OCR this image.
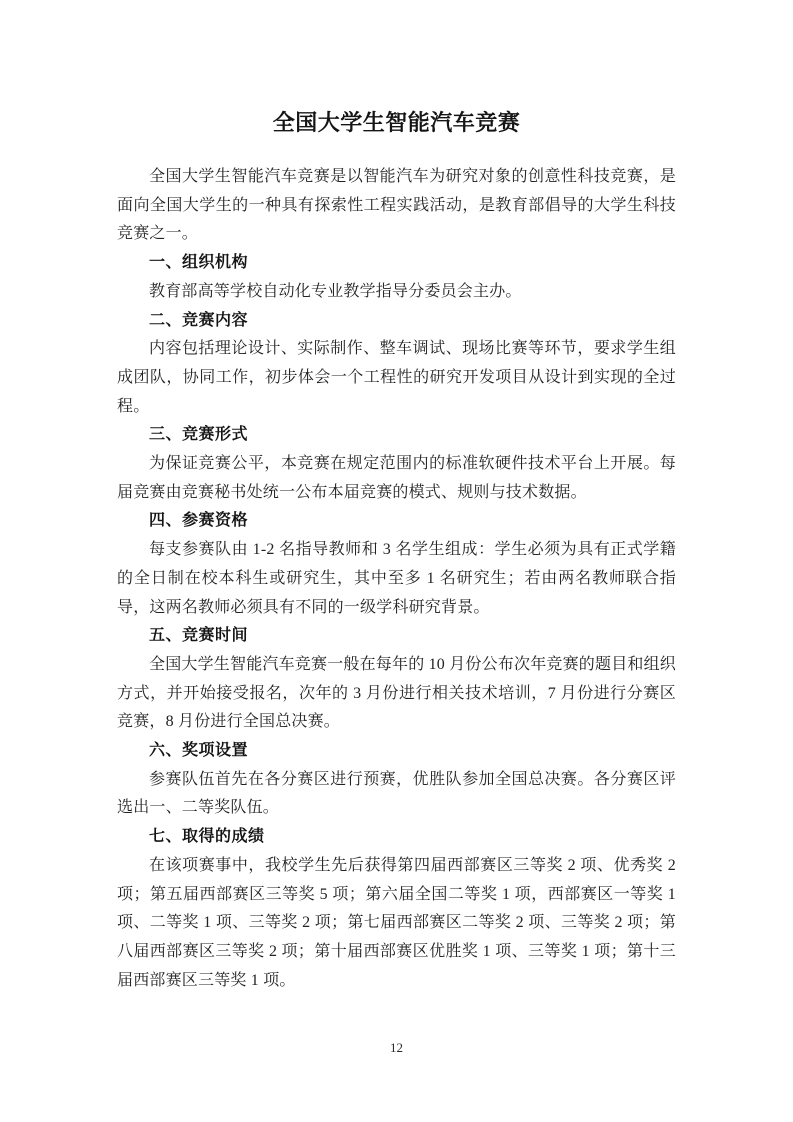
全国大学生智能汽车竞赛

全国大学生智能汽车竞赛是以智能汽车为研究对象的创意性科技竞赛，是面向全国大学生的一种具有探索性工程实践活动，是教育部倡导的大学生科技竞赛之一。

一、组织机构

教育部高等学校自动化专业教学指导分委员会主办。

二、竞赛内容

内容包括理论设计、实际制作、整车调试、现场比赛等环节，要求学生组成团队，协同工作，初步体会一个工程性的研究开发项目从设计到实现的全过程。

三、竞赛形式

为保证竞赛公平，本竞赛在规定范围内的标准软硬件技术平台上开展。每届竞赛由竞赛秘书处统一公布本届竞赛的模式、规则与技术数据。

四、参赛资格

每支参赛队由 1-2 名指导教师和 3 名学生组成：学生必须为具有正式学籍的全日制在校本科生或研究生，其中至多 1 名研究生；若由两名教师联合指导，这两名教师必须具有不同的一级学科研究背景。

五、竞赛时间

全国大学生智能汽车竞赛一般在每年的 10 月份公布次年竞赛的题目和组织方式，并开始接受报名，次年的 3 月份进行相关技术培训，7 月份进行分赛区竞赛，8 月份进行全国总决赛。

六、奖项设置

参赛队伍首先在各分赛区进行预赛，优胜队参加全国总决赛。各分赛区评选出一、二等奖队伍。

七、取得的成绩

在该项赛事中，我校学生先后获得第四届西部赛区三等奖 2 项、优秀奖 2 项；第五届西部赛区三等奖 5 项；第六届全国二等奖 1 项，西部赛区一等奖 1 项、二等奖 1 项、三等奖 2 项；第七届西部赛区二等奖 2 项、三等奖 2 项；第八届西部赛区三等奖 2 项；第十届西部赛区优胜奖 1 项、三等奖 1 项；第十三届西部赛区三等奖 1 项。

12
